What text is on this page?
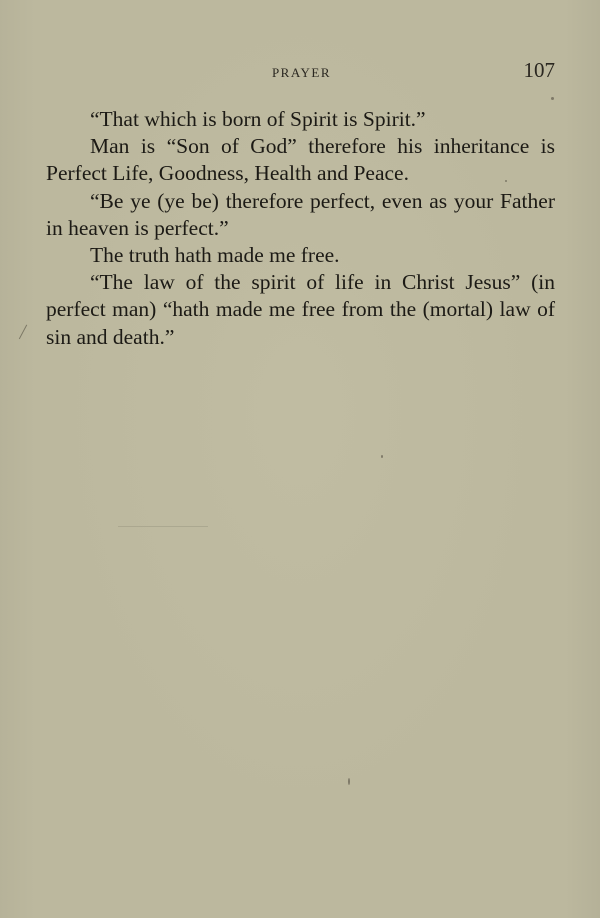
PRAYER	107

“That which is born of Spirit is Spirit.”

Man is “Son of God” therefore his inheritance is Perfect Life, Goodness, Health and Peace.

“Be ye (ye be) therefore perfect, even as your Father in heaven is perfect.”

The truth hath made me free.

“The law of the spirit of life in Christ Jesus” (in perfect man) “hath made me free from the (mortal) law of sin and death.”
